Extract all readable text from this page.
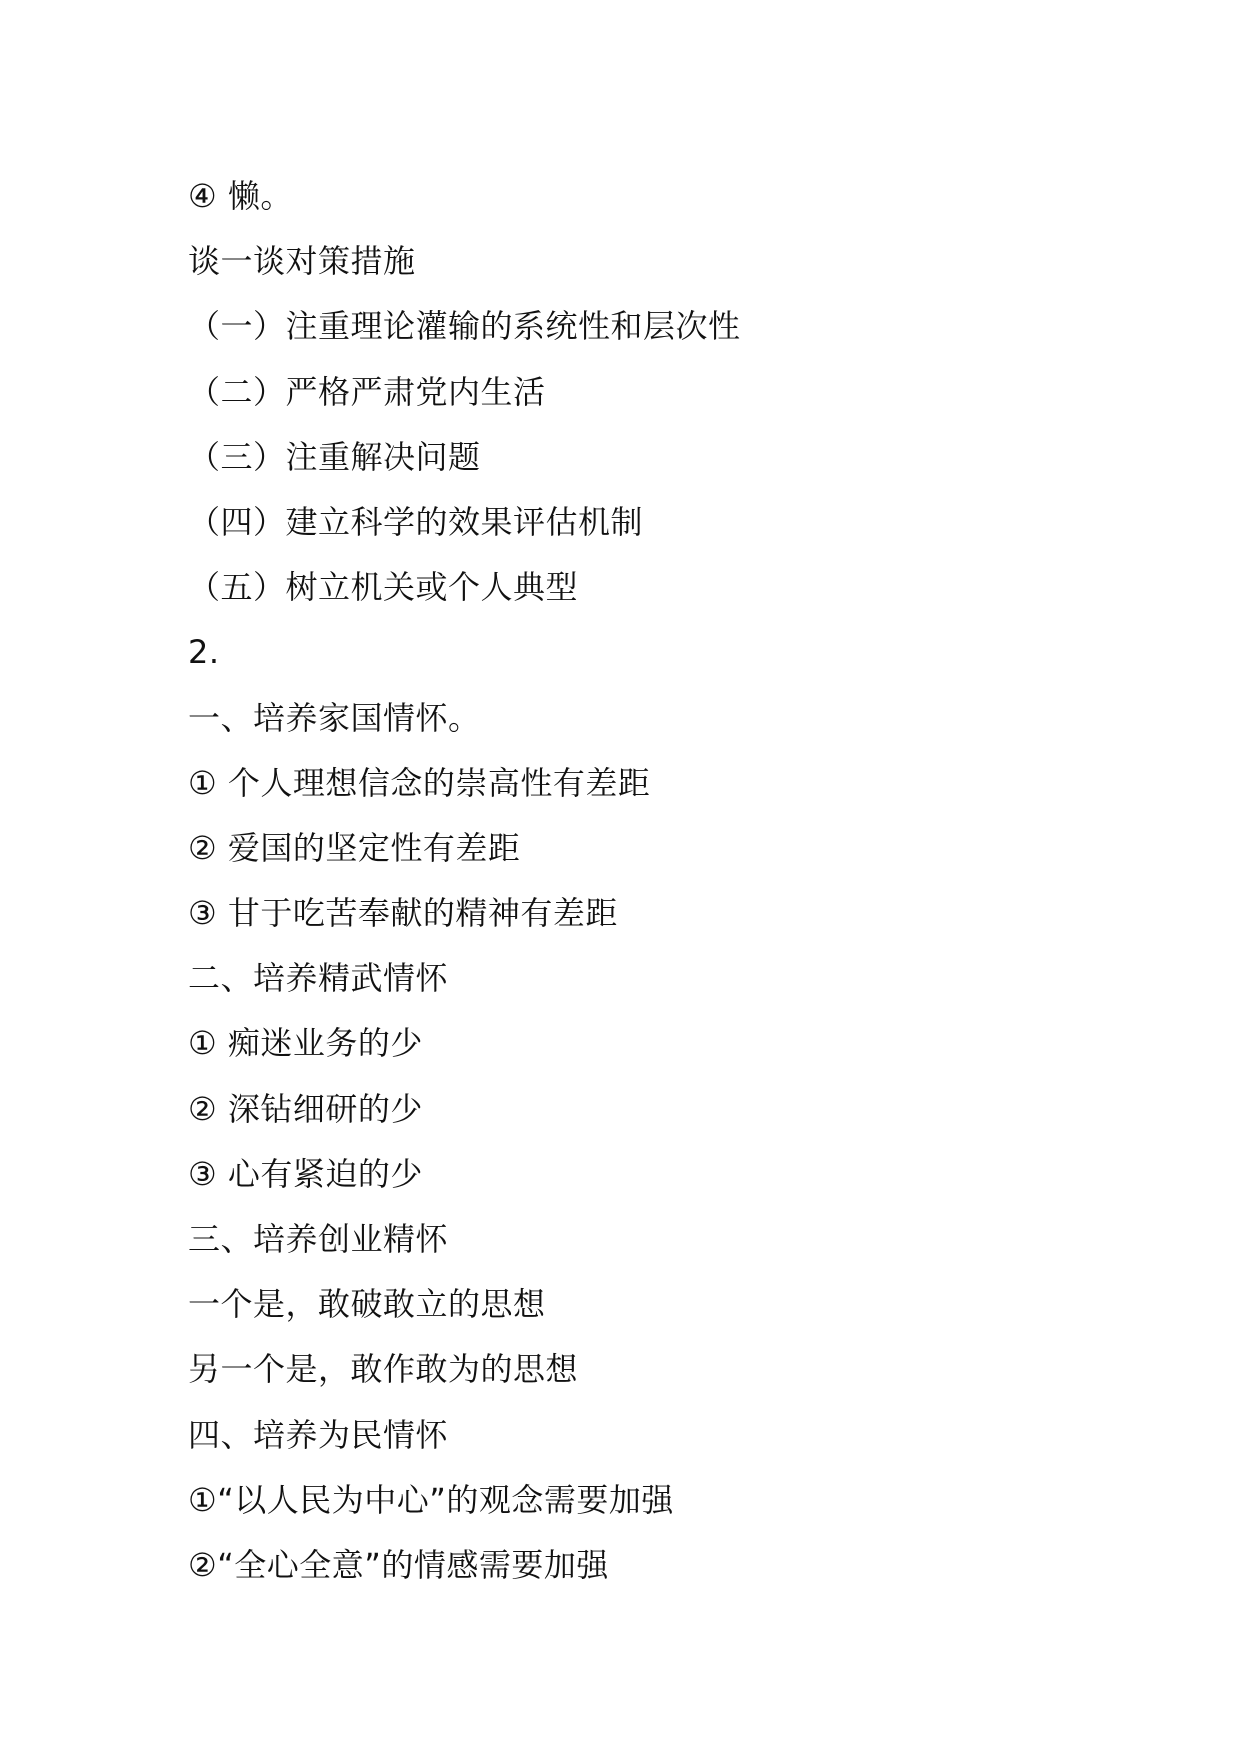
④ 懒。
谈一谈对策措施
（一）注重理论灌输的系统性和层次性
（二）严格严肃党内生活
（三）注重解决问题
（四）建立科学的效果评估机制
（五）树立机关或个人典型
2.
一、培养家国情怀。
① 个人理想信念的崇高性有差距
② 爱国的坚定性有差距
③ 甘于吃苦奉献的精神有差距
二、培养精武情怀
① 痴迷业务的少
② 深钻细研的少
③ 心有紧迫的少
三、培养创业精怀
一个是，敢破敢立的思想
另一个是，敢作敢为的思想
四、培养为民情怀
①“以人民为中心”的观念需要加强
②“全心全意”的情感需要加强
